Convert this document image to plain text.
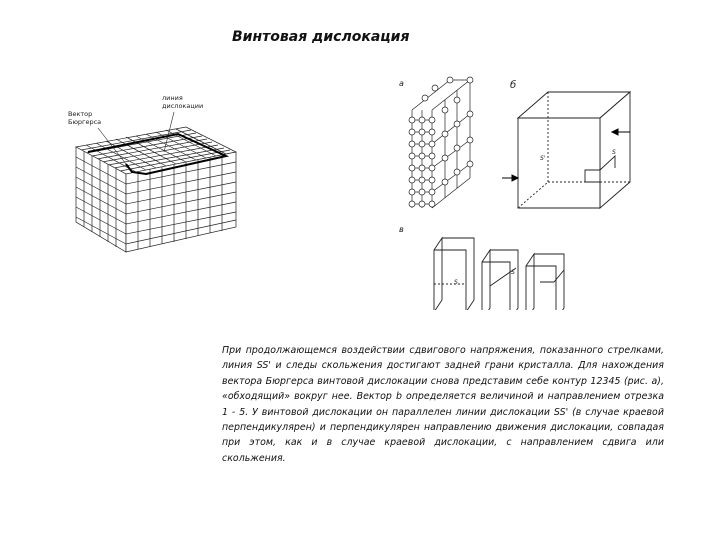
Винтовая дислокация
Вектор
Бюргерса
линия
дислокации
а	б
в
S
S'
S
S
При продолжающемся воздействии сдвигового напряжения, показанного стрелками, линия SS' и следы скольжения достигают задней грани кристалла. Для нахождения вектора Бюргерса винтовой дислокации снова представим себе контур 12345 (рис. а), «обходящий» вокруг нее. Вектор b определяется величиной и направлением отрезка 1 - 5. У винтовой дислокации он параллелен линии дислокации SS' (в случае краевой перпендикулярен) и перпендикулярен направлению движения дислокации, совпадая при этом, как и в случае краевой дислокации, с направлением сдвига или скольжения.
